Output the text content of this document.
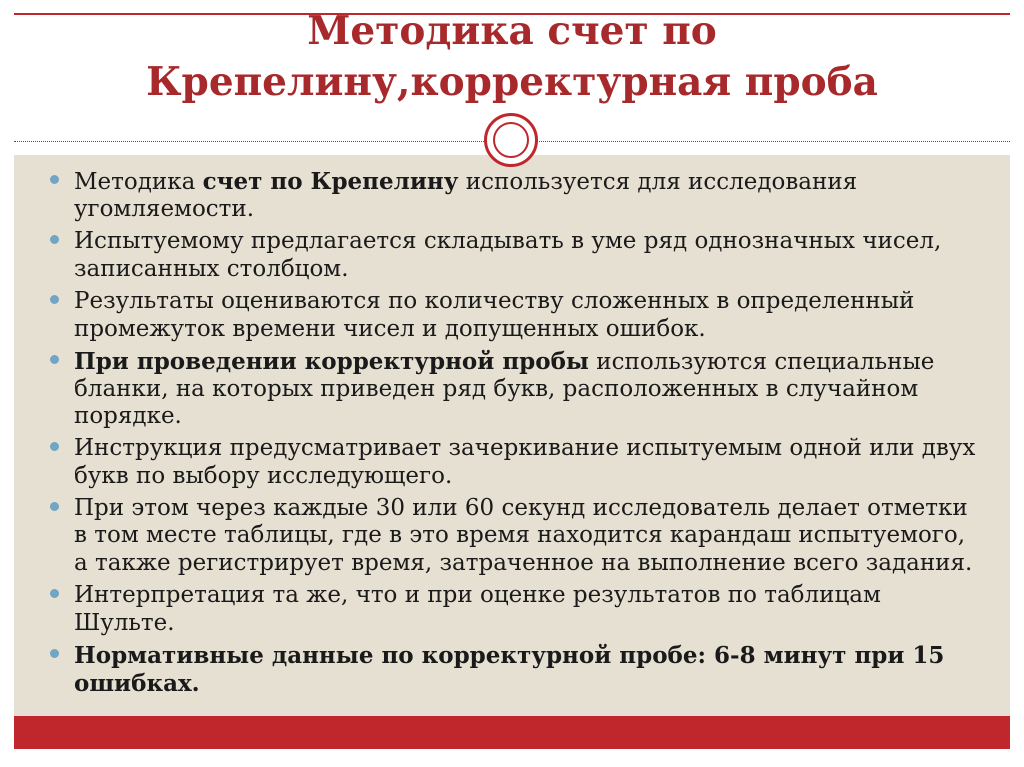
Методика счет по
Крепелину,корректурная проба
Методика счет по Крепелину используется для исследования угомляемости.
Испытуемому предлагается складывать в уме ряд однозначных чисел, записанных столбцом.
Результаты оцениваются по количеству сложенных в определенный промежуток времени чисел и допущенных ошибок.
При проведении корректурной пробы используются специальные бланки, на которых приведен ряд букв, расположенных в случайном порядке.
Инструкция предусматривает зачеркивание испытуемым одной или двух букв по выбору исследующего.
При этом через каждые 30 или 60 секунд исследователь делает отметки в том месте таблицы, где в это время находится карандаш испытуемого, а также регистрирует время, затраченное на выполнение всего задания.
Интерпретация та же, что и при оценке результатов по таблицам Шульте.
Нормативные данные по корректурной пробе: 6-8 минут при 15 ошибках.
